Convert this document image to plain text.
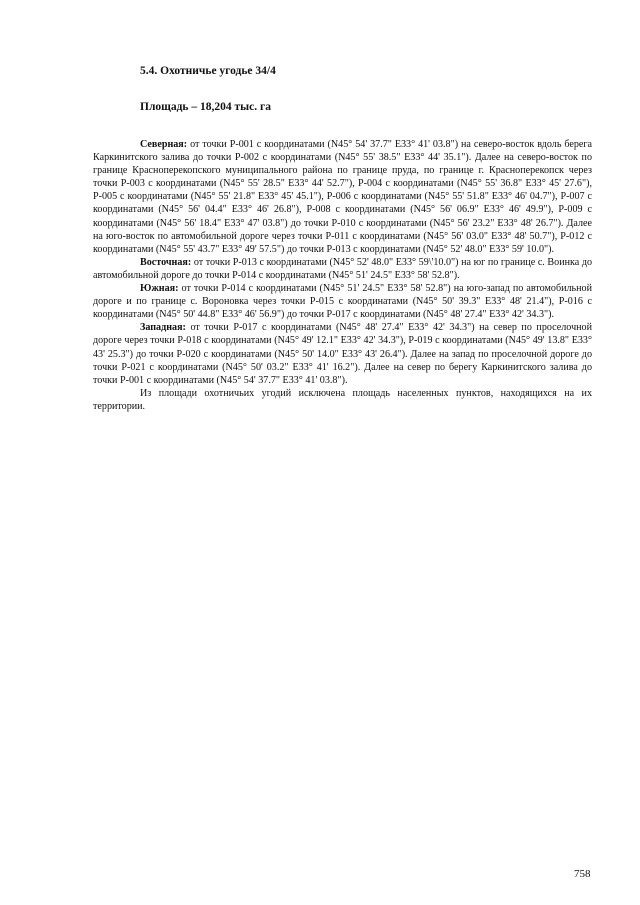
5.4. Охотничье угодье 34/4
Площадь – 18,204 тыс. га

Северная: от точки Р-001 с координатами (N45° 54' 37.7" E33° 41' 03.8") на северо-восток вдоль берега Каркинитского залива до точки Р-002 с координатами (N45° 55' 38.5" E33° 44' 35.1"). Далее на северо-восток по границе Красноперекопского муниципального района по границе пруда, по границе г. Красноперекопск через точки Р-003 с координатами (N45° 55' 28.5" E33° 44' 52.7"), Р-004 с координатами (N45° 55' 36.8" E33° 45' 27.6"), Р-005 с координатами (N45° 55' 21.8" E33° 45' 45.1"), Р-006 с координатами (N45° 55' 51.8" E33° 46' 04.7"), Р-007 с координатами (N45° 56' 04.4" E33° 46' 26.8"), Р-008 с координатами (N45° 56' 06.9" E33° 46' 49.9"), Р-009 с координатами (N45° 56' 18.4" E33° 47' 03.8") до точки Р-010 с координатами (N45° 56' 23.2" E33° 48' 26.7"). Далее на юго-восток по автомобильной дороге через точки Р-011 с координатами (N45° 56' 03.0" E33° 48' 50.7"), Р-012 с координатами (N45° 55' 43.7" E33° 49' 57.5") до точки Р-013 с координатами (N45° 52' 48.0" E33° 59' 10.0").

Восточная: от точки Р-013 с координатами (N45° 52' 48.0" E33° 59\'10.0") на юг по границе с. Воинка до автомобильной дороге до точки Р-014 с координатами (N45° 51' 24.5" E33° 58' 52.8").

Южная: от точки Р-014 с координатами (N45° 51' 24.5" E33° 58' 52.8") на юго-запад по автомобильной дороге и по границе с. Вороновка через точки Р-015 с координатами (N45° 50' 39.3" E33° 48' 21.4"), Р-016 с координатами (N45° 50' 44.8" E33° 46' 56.9") до точки Р-017 с координатами (N45° 48' 27.4" E33° 42' 34.3").

Западная: от точки Р-017 с координатами (N45° 48' 27.4" E33° 42' 34.3") на север по проселочной дороге через точки Р-018 с координатами (N45° 49' 12.1" E33° 42' 34.3"), Р-019 с координатами (N45° 49' 13.8" E33° 43' 25.3") до точки Р-020 с координатами (N45° 50' 14.0" E33° 43' 26.4"). Далее на запад по проселочной дороге до точки Р-021 с координатами (N45° 50' 03.2" E33° 41' 16.2"). Далее на север по берегу Каркинитского залива до точки Р-001 с координатами (N45° 54' 37.7" E33° 41' 03.8").

Из площади охотничьих угодий исключена площадь населенных пунктов, находящихся на их территории.

758
